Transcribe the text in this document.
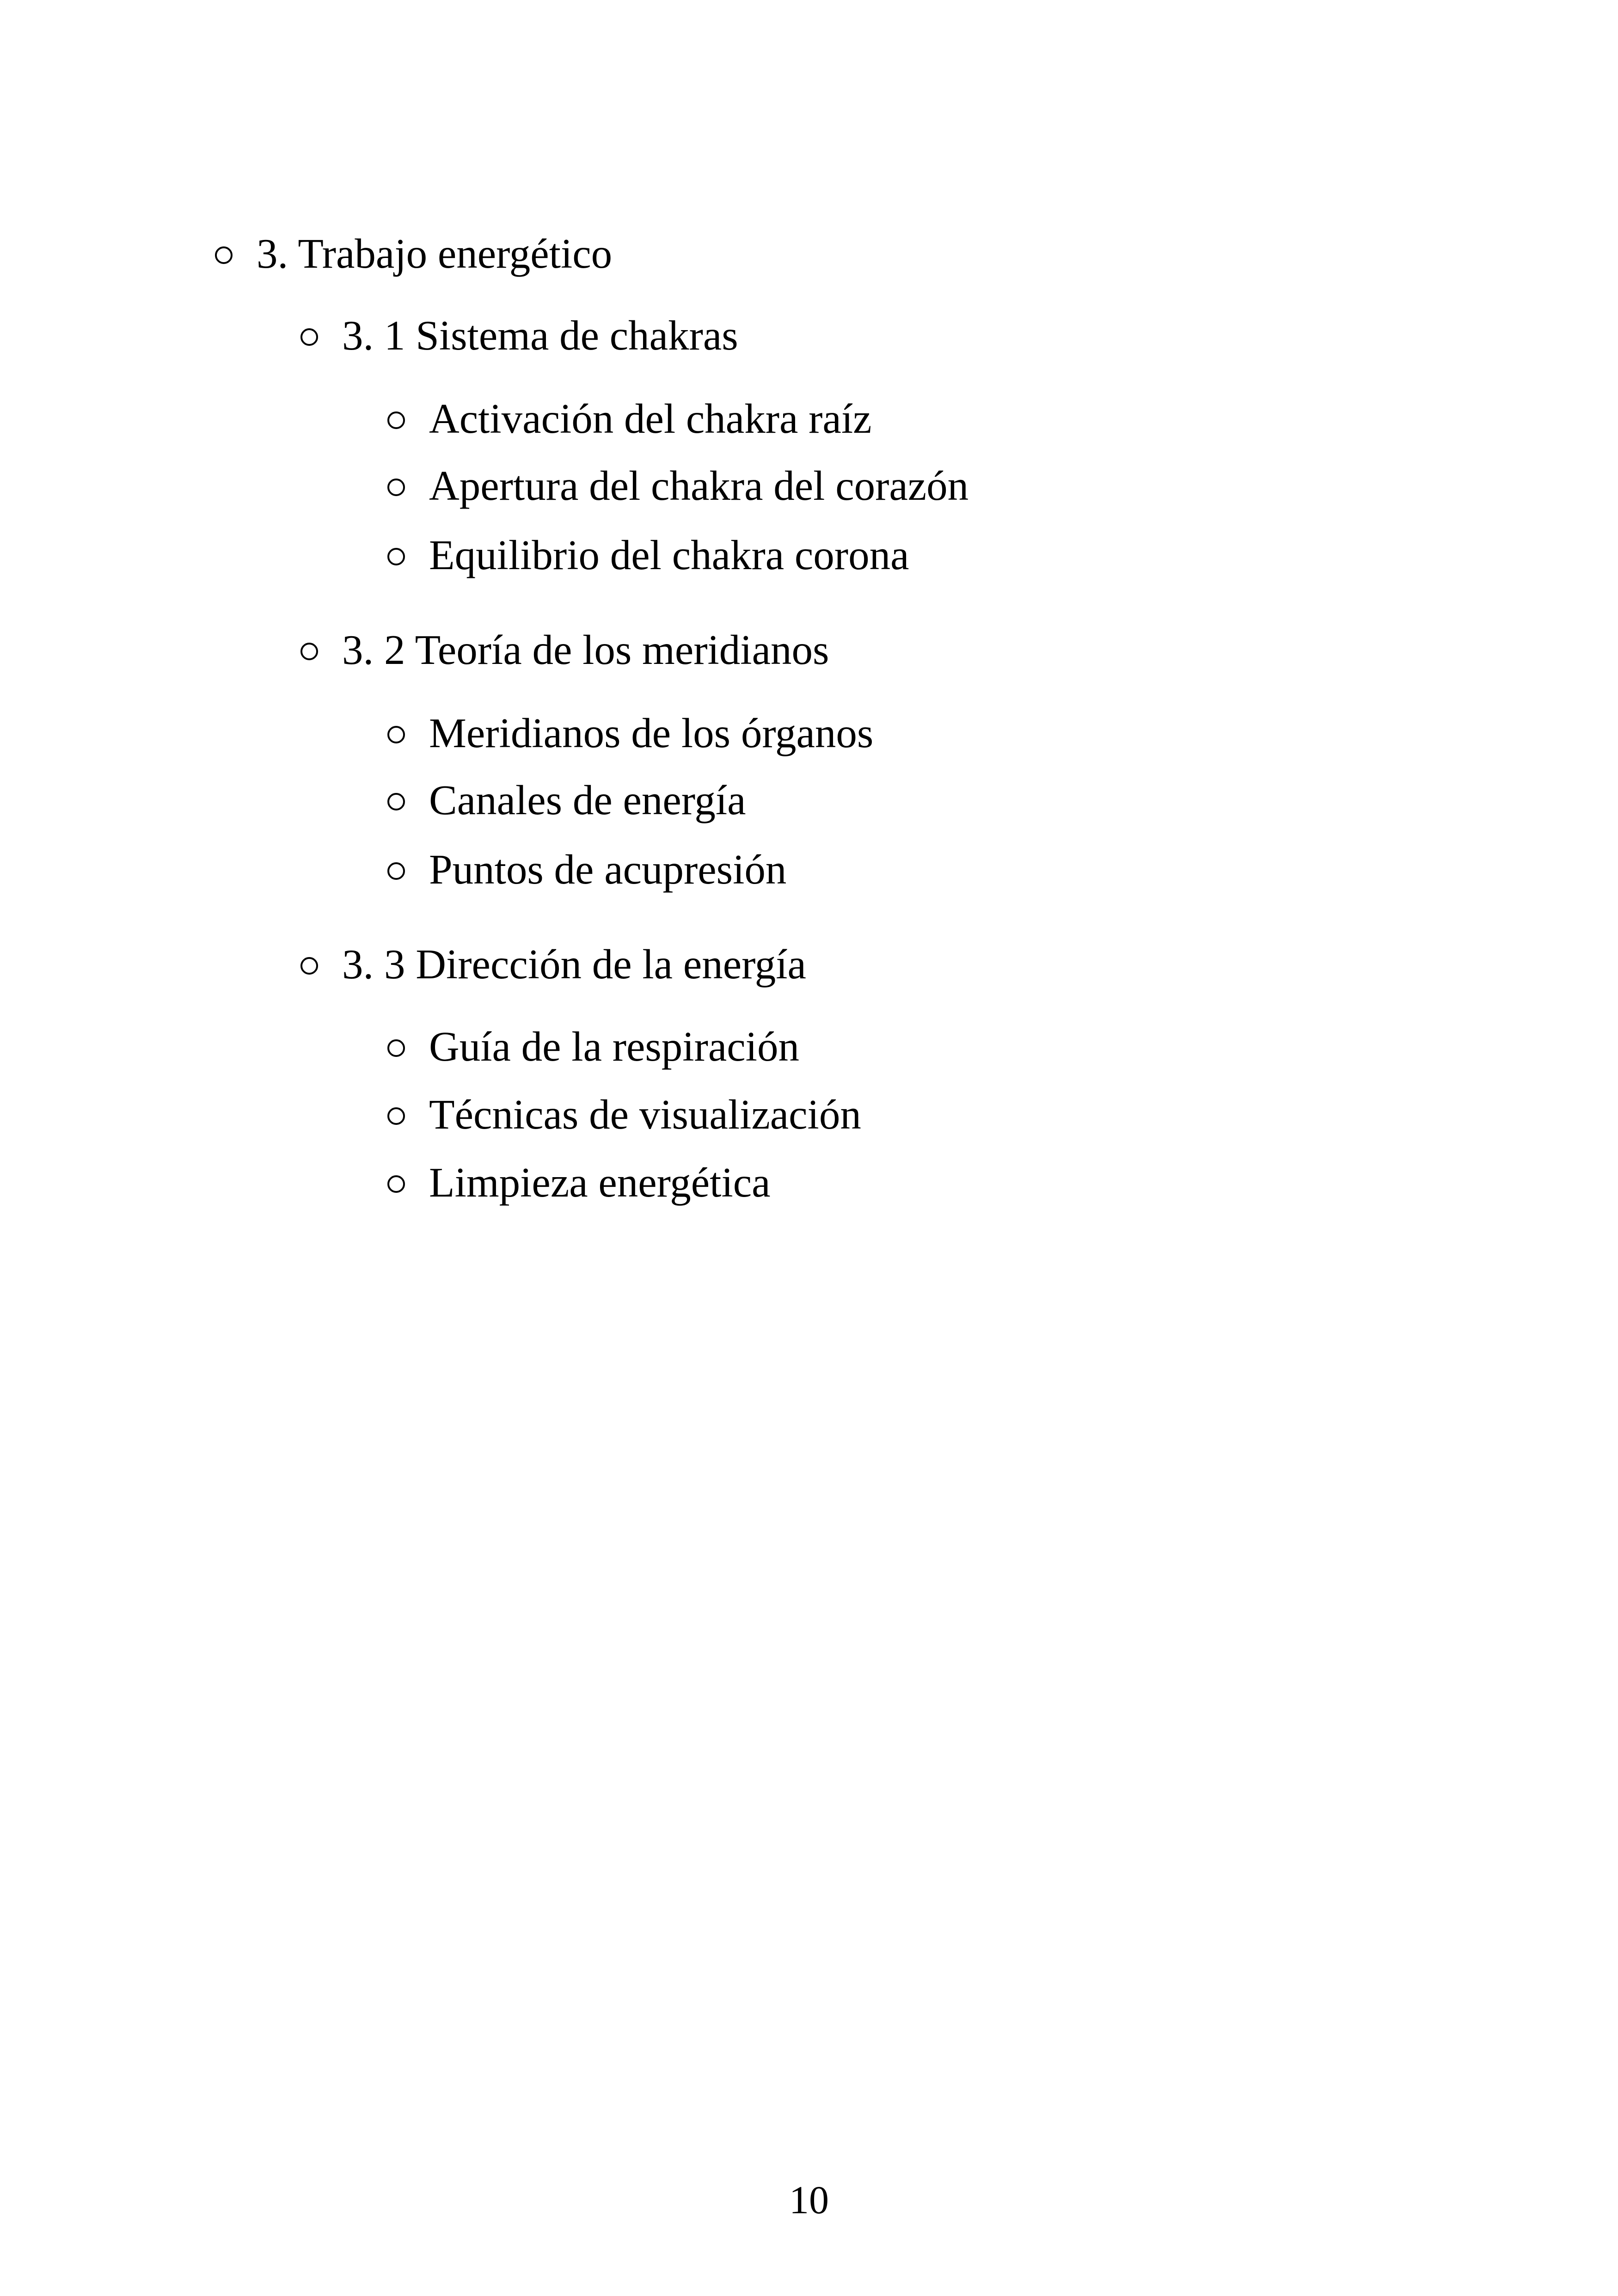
3. Trabajo energético
3. 1 Sistema de chakras
Activación del chakra raíz
Apertura del chakra del corazón
Equilibrio del chakra corona
3. 2 Teoría de los meridianos
Meridianos de los órganos
Canales de energía
Puntos de acupresión
3. 3 Dirección de la energía
Guía de la respiración
Técnicas de visualización
Limpieza energética
10
